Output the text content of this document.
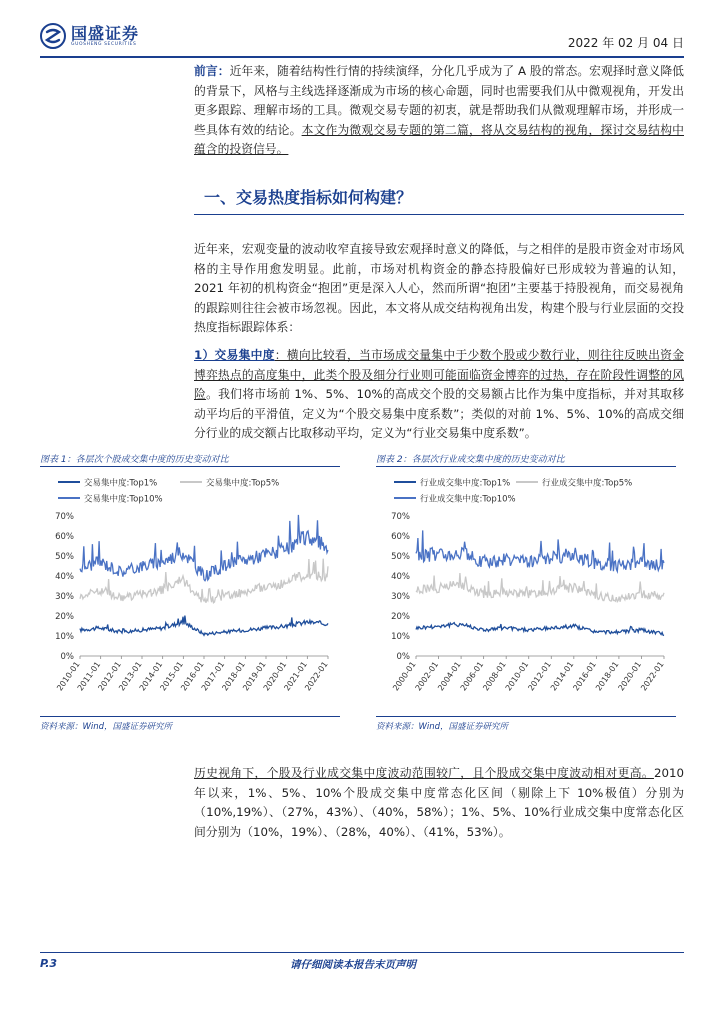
国盛证券
GUOSHENG SECURITIES	2022 年 02 月 04 日
前言：近年来，随着结构性行情的持续演绎，分化几乎成为了 A 股的常态。宏观择时意义降低的背景下，风格与主线选择逐渐成为市场的核心命题，同时也需要我们从中微观视角，开发出更多跟踪、理解市场的工具。微观交易专题的初衷，就是帮助我们从微观理解市场，并形成一些具体有效的结论。本文作为微观交易专题的第二篇，将从交易结构的视角，探讨交易结构中蕴含的投资信号。
一、交易热度指标如何构建？
近年来，宏观变量的波动收窄直接导致宏观择时意义的降低，与之相伴的是股市资金对市场风格的主导作用愈发明显。此前，市场对机构资金的静态持股偏好已形成较为普遍的认知，2021 年初的机构资金“抱团”更是深入人心，然而所谓“抱团”主要基于持股视角，而交易视角的跟踪则往往会被市场忽视。因此，本文将从成交结构视角出发，构建个股与行业层面的交投热度指标跟踪体系：
1）交易集中度：横向比较看，当市场成交量集中于少数个股或少数行业，则往往反映出资金博弈热点的高度集中，此类个股及细分行业则可能面临资金博弈的过热，存在阶段性调整的风险。我们将市场前 1%、5%、10%的高成交个股的交易额占比作为集中度指标，并对其取移动平均后的平滑值，定义为“个股交易集中度系数”；类似的对前 1%、5%、10%的高成交细分行业的成交额占比取移动平均，定义为“行业交易集中度系数”。
图表 1：各层次个股成交集中度的历史变动对比
交易集中度:Top1%	交易集中度:Top5%
交易集中度:Top10%
0%
10%
20%
30%
40%
50%
60%
70%
2010-01
2011-01
2012-01
2013-01
2014-01
2015-01
2016-01
2017-01
2018-01
2019-01
2020-01
2021-01
2022-01
资料来源：Wind，国盛证券研究所
图表 2：各层次行业成交集中度的历史变动对比
行业成交集中度:Top1%	行业成交集中度:Top5%
行业成交集中度:Top10%
0%
10%
20%
30%
40%
50%
60%
70%
2000-01
2002-01
2004-01
2006-01
2008-01
2010-01
2012-01
2014-01
2016-01
2018-01
2020-01
2022-01
资料来源：Wind，国盛证券研究所
历史视角下，个股及行业成交集中度波动范围较广，且个股成交集中度波动相对更高。2010 年以来，1%、5%、10%个股成交集中度常态化区间（剔除上下 10%极值）分别为（10%,19%）、（27%，43%）、（40%，58%）；1%、5%、10%行业成交集中度常态化区间分别为（10%，19%）、（28%，40%）、（41%，53%）。
P.3	请仔细阅读本报告末页声明
